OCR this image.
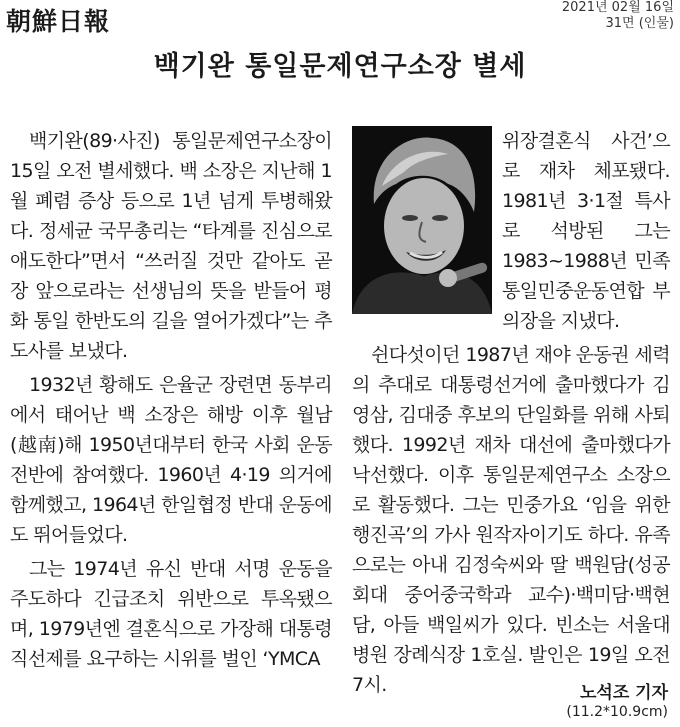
朝鮮日報	2021년 02월 16일
31면 (인물)
백기완 통일문제연구소장 별세

백기완(89·사진) 통일문제연구소장이 15일 오전 별세했다. 백 소장은 지난해 1월 폐렴 증상 등으로 1년 넘게 투병해왔다. 정세균 국무총리는 “타계를 진심으로 애도한다”면서 “쓰러질 것만 같아도 곧장 앞으로라는 선생님의 뜻을 받들어 평화 통일 한반도의 길을 열어가겠다”는 추도사를 보냈다.

1932년 황해도 은율군 장련면 동부리에서 태어난 백 소장은 해방 이후 월남(越南)해 1950년대부터 한국 사회 운동 전반에 참여했다. 1960년 4·19 의거에 함께했고, 1964년 한일협정 반대 운동에도 뛰어들었다.

그는 1974년 유신 반대 서명 운동을 주도하다 긴급조치 위반으로 투옥됐으며, 1979년엔 결혼식으로 가장해 대통령 직선제를 요구하는 시위를 벌인 ‘YMCA

위장결혼식 사건’으로 재차 체포됐다. 1981년 3·1절 특사로 석방된 그는 1983~1988년 민족통일민중운동연합 부의장을 지냈다.

쉰다섯이던 1987년 재야 운동권 세력의 추대로 대통령선거에 출마했다가 김영삼, 김대중 후보의 단일화를 위해 사퇴했다. 1992년 재차 대선에 출마했다가 낙선했다. 이후 통일문제연구소 소장으로 활동했다. 그는 민중가요 ‘임을 위한 행진곡’의 가사 원작자이기도 하다. 유족으로는 아내 김정숙씨와 딸 백원담(성공회대 중어중국학과 교수)·백미담·백현담, 아들 백일씨가 있다. 빈소는 서울대병원 장례식장 1호실. 발인은 19일 오전 7시.	노석조 기자
(11.2*10.9cm)
